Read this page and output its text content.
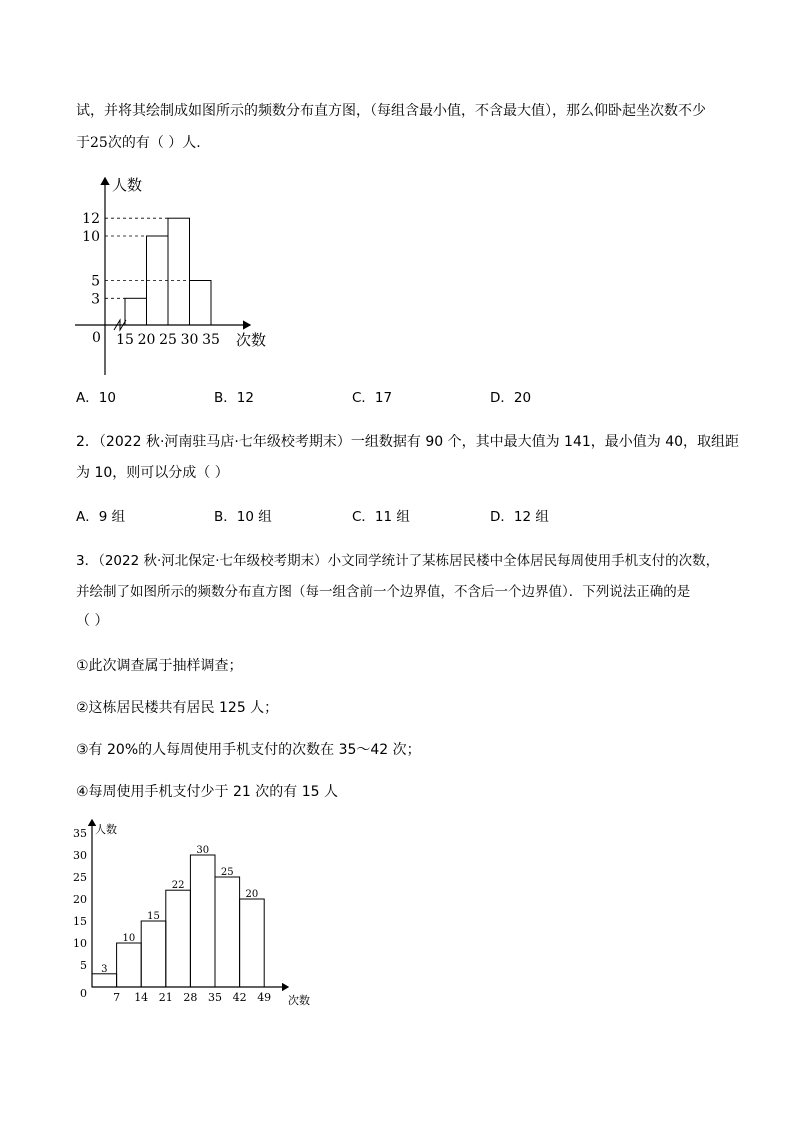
试，并将其绘制成如图所示的频数分布直方图，（每组含最小值，不含最大值），那么仰卧起坐次数不少
于25次的有（ ）人.
人数
次数
0
3
5
10
12
15 20 25 30 35
A．10	B．12	C．17	D．20
2．（2022 秋·河南驻马店·七年级校考期末）一组数据有 90 个，其中最大值为 141，最小值为 40，取组距
为 10，则可以分成（ ）
A．9 组	B．10 组	C．11 组	D．12 组
3．（2022 秋·河北保定·七年级校考期末）小文同学统计了某栋居民楼中全体居民每周使用手机支付的次数，
并绘制了如图所示的频数分布直方图（每一组含前一个边界值，不含后一个边界值）．下列说法正确的是
（ ）
①此次调查属于抽样调查；
②这栋居民楼共有居民 125 人；
③有 20%的人每周使用手机支付的次数在 35～42 次；
④每周使用手机支付少于 21 次的有 15 人
人数
次数
0
3
10
15
22
30
25
20
5
10
15
20
25
30
35
7 14 21 28 35 42 49
